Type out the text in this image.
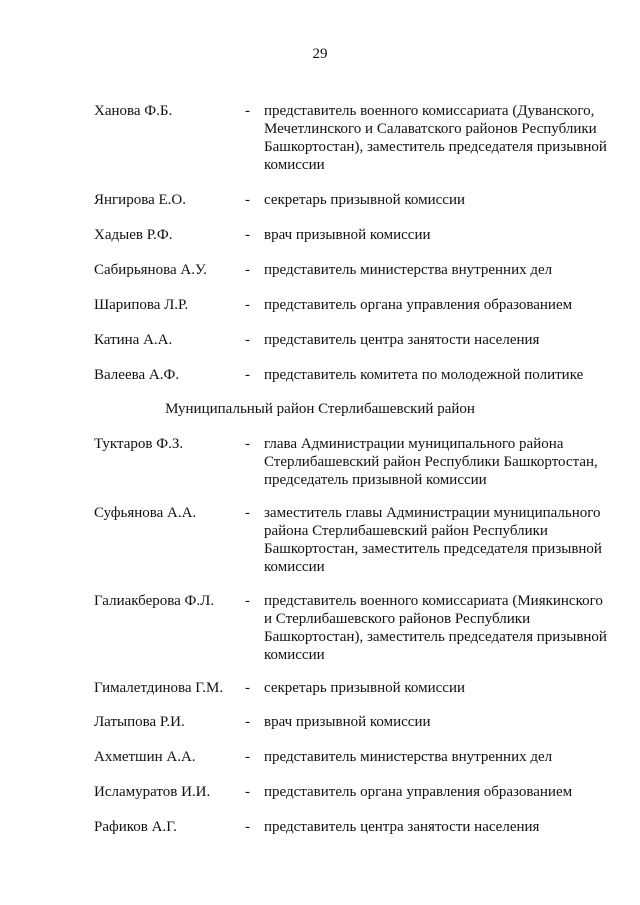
29
Ханова Ф.Б.	- представитель военного комиссариата (Дуванского, Мечетлинского и Салаватского районов Республики Башкортостан), заместитель председателя призывной комиссии
Янгирова Е.О.	- секретарь призывной комиссии
Хадыев Р.Ф.	- врач призывной комиссии
Сабирьянова А.У.	- представитель министерства внутренних дел
Шарипова Л.Р.	- представитель органа управления образованием
Катина А.А.	- представитель центра занятости населения
Валеева А.Ф.	- представитель комитета по молодежной политике
Муниципальный район Стерлибашевский район
Туктаров Ф.З.	- глава Администрации муниципального района Стерлибашевский район Республики Башкортостан, председатель призывной комиссии
Суфьянова А.А.	- заместитель главы Администрации муниципального района Стерлибашевский район Республики Башкортостан, заместитель председателя призывной комиссии
Галиакберова Ф.Л. - представитель военного комиссариата (Миякинского и Стерлибашевского районов Республики Башкортостан), заместитель председателя призывной комиссии
Гималетдинова Г.М. - секретарь призывной комиссии
Латыпова Р.И.	- врач призывной комиссии
Ахметшин А.А.	- представитель министерства внутренних дел
Исламуратов И.И. - представитель органа управления образованием
Рафиков А.Г.	- представитель центра занятости населения
